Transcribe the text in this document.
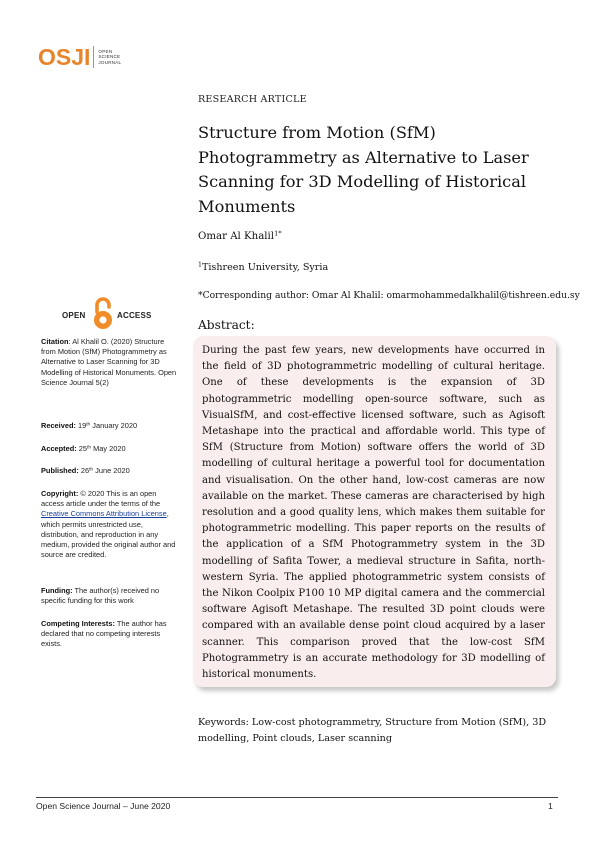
OSJI OPEN
SCIENCE
JOURNAL
RESEARCH ARTICLE
Structure from Motion (SfM) Photogrammetry as Alternative to Laser Scanning for 3D Modelling of Historical Monuments
Omar Al Khalil$^{1*}$
$^1$Tishreen University, Syria
*Corresponding author: Omar Al Khalil: omarmohammedalkhalil@tishreen.edu.sy
Abstract:

During the past few years, new developments have occurred in the field of 3D photogrammetric modelling of cultural heritage. One of these developments is the expansion of 3D photogrammetric modelling open-source software, such as VisualSfM, and cost-effective licensed software, such as Agisoft Metashape into the practical and affordable world. This type of SfM (Structure from Motion) software offers the world of 3D modelling of cultural heritage a powerful tool for documentation and visualisation. On the other hand, low-cost cameras are now available on the market. These cameras are characterised by high resolution and a good quality lens, which makes them suitable for photogrammetric modelling. This paper reports on the results of the application of a SfM Photogrammetry system in the 3D modelling of Safita Tower, a medieval structure in Safita, north-western Syria. The applied photogrammetric system consists of the Nikon Coolpix P100 10 MP digital camera and the commercial software Agisoft Metashape. The resulted 3D point clouds were compared with an available dense point cloud acquired by a laser scanner. This comparison proved that the low-cost SfM Photogrammetry is an accurate methodology for 3D modelling of historical monuments.

Keywords: Low-cost photogrammetry, Structure from Motion (SfM), 3D modelling, Point clouds, Laser scanning
OPEN	ACCESS
Citation: Al Khalil O. (2020) Structure from Motion (SfM) Photogrammetry as Alternative to Laser Scanning for 3D Modelling of Historical Monuments. Open Science Journal 5(2)
Received: 19th January 2020
Accepted: 25th May 2020
Published: 26th June 2020
Copyright: © 2020 This is an open access article under the terms of the Creative Commons Attribution License, which permits unrestricted use, distribution, and reproduction in any medium, provided the original author and source are credited.
Funding: The author(s) received no specific funding for this work
Competing Interests: The author has declared that no competing interests exists.
Open Science Journal – June 2020	1
